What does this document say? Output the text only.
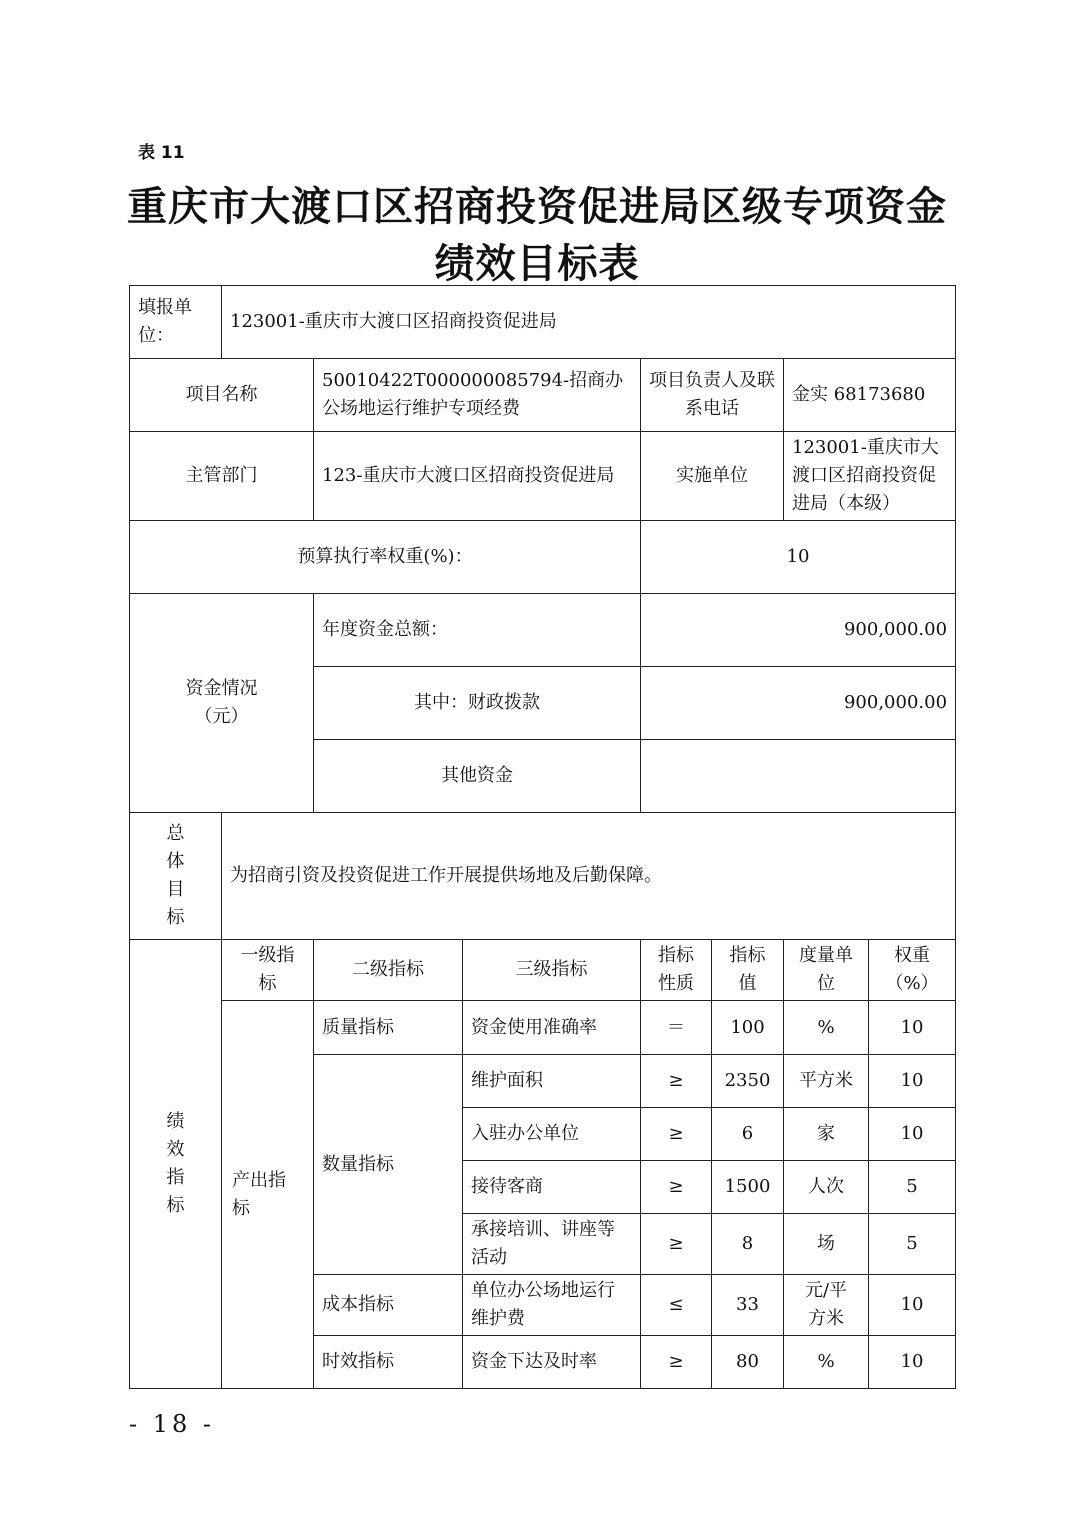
表 11
重庆市大渡口区招商投资促进局区级专项资金
绩效目标表
填报单位：	123001-重庆市大渡口区招商投资促进局						
项目名称		50010422T000000085794-招商办公场地运行维护专项经费		项目负责人及联系电话		金实 68173680	
主管部门		123-重庆市大渡口区招商投资促进局		实施单位		123001-重庆市大渡口区招商投资促进局（本级）	
预算执行率权重(%)：				10			
资金情况（元）		年度资金总额：		900,000.00			
		其中：财政拨款		900,000.00			
		其他资金					

总
体
目
标	为招商引资及投资促进工作开展提供场地及后勤保障。						

绩
效
指
标	一级指标	二级指标	三级指标	指标性质	指标值	度量单位	权重（%）
	产出指标	质量指标	资金使用准确率	＝	100	%	10
		数量指标	维护面积	≥	2350	平方米	10
			入驻办公单位	≥	6	家	10
			接待客商	≥	1500	人次	5
			承接培训、讲座等活动	≥	8	场	5
		成本指标	单位办公场地运行维护费	≤	33	元/平方米	10
		时效指标	资金下达及时率	≥	80	%	10
- 18 -
